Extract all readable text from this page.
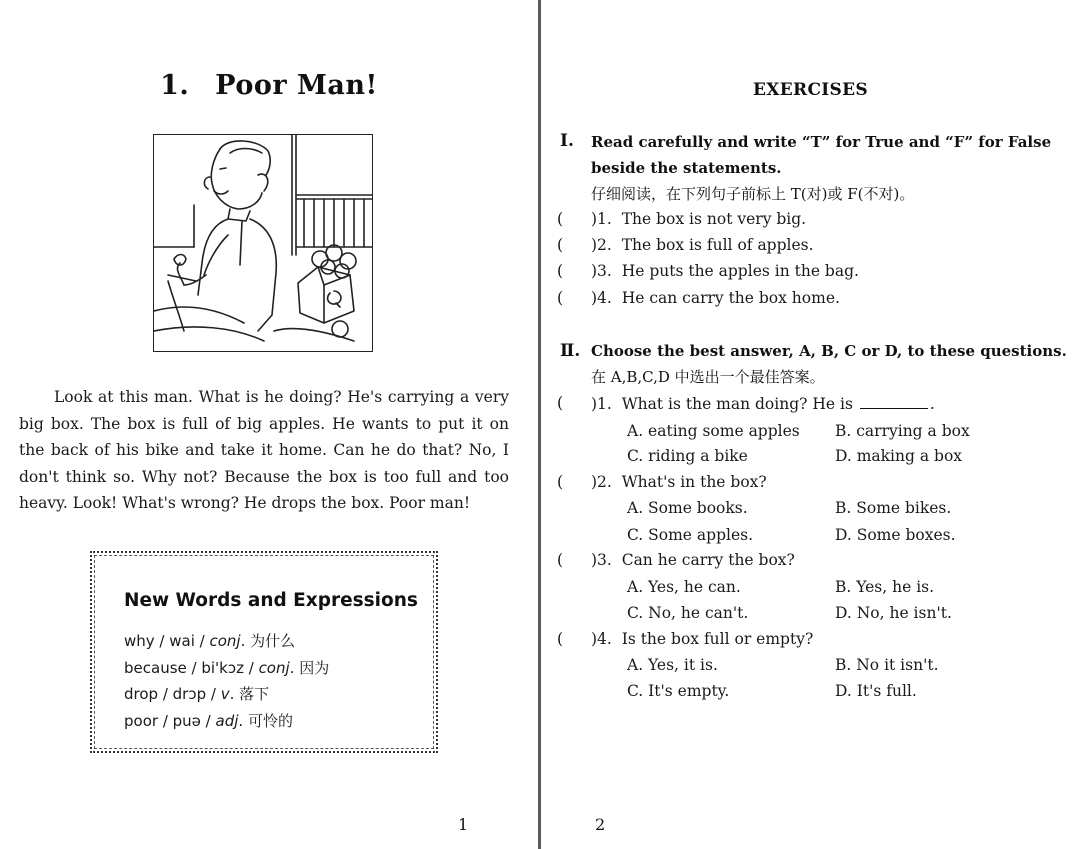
1. Poor Man!
Look at this man. What is he doing? He's carrying a very big box. The box is full of big apples. He wants to put it on the back of his bike and take it home. Can he do that? No, I don't think so. Why not? Because the box is too full and too heavy. Look! What's wrong? He drops the box. Poor man!
New Words and Expressions
why / wai / conj. 为什么
because / bi'kɔz / conj. 因为
drop / drɔp / v. 落下
poor / puə / adj. 可怜的
1
EXERCISES
Ⅰ. Read carefully and write “T” for True and “F” for False beside the statements.
仔细阅读，在下列句子前标上 T(对)或 F(不对)。
( )1. The box is not very big.
( )2. The box is full of apples.
( )3. He puts the apples in the bag.
( )4. He can carry the box home.
Ⅱ. Choose the best answer, A, B, C or D, to these questions.
在 A,B,C,D 中选出一个最佳答案。
( )1. What is the man doing? He is	.
A. eating some apples B. carrying a box
C. riding a bike	D. making a box
( )2. What's in the box?
A. Some books.	B. Some bikes.
C. Some apples.	D. Some boxes.
( )3. Can he carry the box?
A. Yes, he can.	B. Yes, he is.
C. No, he can't.	D. No, he isn't.
( )4. Is the box full or empty?
A. Yes, it is.	B. No it isn't.
C. It's empty.	D. It's full.
2
